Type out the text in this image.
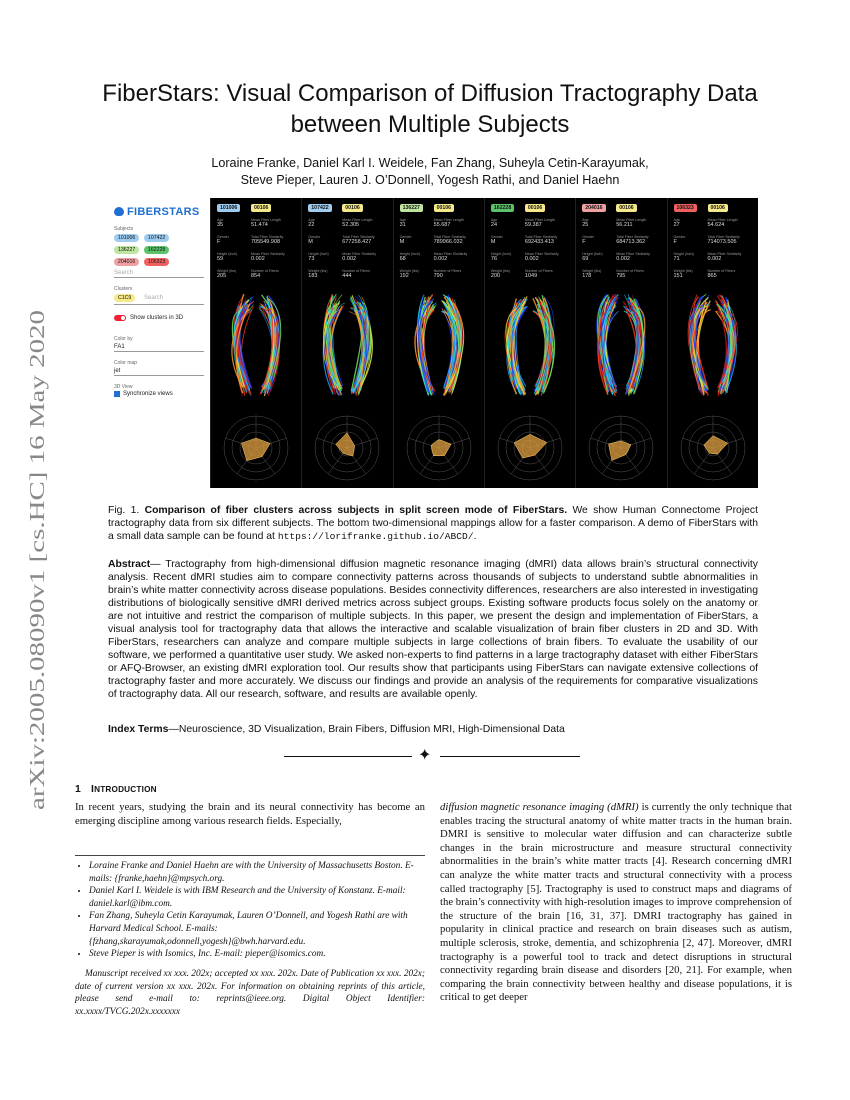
arXiv:2005.08090v1 [cs.HC] 16 May 2020
FiberStars: Visual Comparison of Diffusion Tractography Data between Multiple Subjects
Loraine Franke, Daniel Karl I. Weidele, Fan Zhang, Suheyla Cetin-Karayumak,
Steve Pieper, Lauren J. O’Donnell, Yogesh Rathi, and Daniel Haehn
FIBERSTARS
Subjects
101006	107422
136227	162228
204016	106323
Search
Clusters
C1C9	Search
Show clusters in 3D
Color by
FA1
Color map
jet
3D View
Synchronize views
101006	00106
Age
35
Mean Fiber Length
51.474
Gender
F
Total Fiber Similarity
705549.908
Height (inch)
59
Mean Fiber Similarity
0.002
Weight (lbs)
205
Number of Fibers
854
107422	00106
Age
22
Mean Fiber Length
52.305
Gender
M
Total Fiber Similarity
677258.427
Height (inch)
73
Mean Fiber Similarity
0.002
Weight (lbs)
183
Number of Fibers
444
136227	00106
Age
31
Mean Fiber Length
55.687
Gender
M
Total Fiber Similarity
789966.032
Height (inch)
68
Mean Fiber Similarity
0.002
Weight (lbs)
192
Number of Fibers
790
162228	00106
Age
24
Mean Fiber Length
59.387
Gender
M
Total Fiber Similarity
692433.413
Height (inch)
76
Mean Fiber Similarity
0.002
Weight (lbs)
200
Number of Fibers
1049
204016	00106
Age
25
Mean Fiber Length
56.211
Gender
F
Total Fiber Similarity
684713.362
Height (inch)
69
Mean Fiber Similarity
0.002
Weight (lbs)
178
Number of Fibers
795
106323	00106
Age
27
Mean Fiber Length
54.624
Gender
F
Total Fiber Similarity
714073.505
Height (inch)
71
Mean Fiber Similarity
0.002
Weight (lbs)
151
Number of Fibers
865
Fig. 1. Comparison of fiber clusters across subjects in split screen mode of FiberStars. We show Human Connectome Project tractography data from six different subjects. The bottom two-dimensional mappings allow for a faster comparison. A demo of FiberStars with a small data sample can be found at https://lorifranke.github.io/ABCD/.
Abstract— Tractography from high-dimensional diffusion magnetic resonance imaging (dMRI) data allows brain’s structural connectivity analysis. Recent dMRI studies aim to compare connectivity patterns across thousands of subjects to understand subtle abnormalities in brain’s white matter connectivity across disease populations. Besides connectivity differences, researchers are also interested in investigating distributions of biologically sensitive dMRI derived metrics across subject groups. Existing software products focus solely on the anatomy or are not intuitive and restrict the comparison of multiple subjects. In this paper, we present the design and implementation of FiberStars, a visual analysis tool for tractography data that allows the interactive and scalable visualization of brain fiber clusters in 2D and 3D. With FiberStars, researchers can analyze and compare multiple subjects in large collections of brain fibers. To evaluate the usability of our software, we performed a quantitative user study. We asked non-experts to find patterns in a large tractography dataset with either FiberStars or AFQ-Browser, an existing dMRI exploration tool. Our results show that participants using FiberStars can navigate extensive collections of tractography faster and more accurately. We discuss our findings and provide an analysis of the requirements for comparative visualizations of tractography data. All our research, software, and results are available openly.
Index Terms—Neuroscience, 3D Visualization, Brain Fibers, Diffusion MRI, High-Dimensional Data
✦
1 INTRODUCTION

In recent years, studying the brain and its neural connectivity has become an emerging discipline among various research fields. Especially,

• Loraine Franke and Daniel Haehn are with the University of Massachusetts Boston. E-mails: {franke,haehn}@mpsych.org.
• Daniel Karl I. Weidele is with IBM Research and the University of Konstanz. E-mail: daniel.karl@ibm.com.
• Fan Zhang, Suheyla Cetin Karayumak, Lauren O’Donnell, and Yogesh Rathi are with Harvard Medical School. E-mails: {fzhang,skarayumak,odonnell,yogesh}@bwh.harvard.edu.
• Steve Pieper is with Isomics, Inc. E-mail: pieper@isomics.com.
Manuscript received xx xxx. 202x; accepted xx xxx. 202x. Date of Publication xx xxx. 202x; date of current version xx xxx. 202x. For information on obtaining reprints of this article, please send e-mail to: reprints@ieee.org. Digital Object Identifier: xx.xxxx/TVCG.202x.xxxxxxx

diffusion magnetic resonance imaging (dMRI) is currently the only technique that enables tracing the structural anatomy of white matter tracts in the human brain. DMRI is sensitive to molecular water diffusion and can characterize subtle changes in the brain microstructure and measure structural connectivity abnormalities in the brain’s white matter tracts [4]. Research concerning dMRI can analyze the white matter tracts and structural connectivity with a process called tractography [5]. Tractography is used to construct maps and diagrams of the brain’s connectivity with high-resolution images to improve comprehension of the structure of the brain [16, 31, 37]. DMRI tractography has gained in popularity in clinical practice and research on brain diseases such as autism, multiple sclerosis, stroke, dementia, and schizophrenia [2, 47]. Moreover, dMRI tractography is a powerful tool to track and detect disruptions in structural connectivity regarding brain disease and disorders [20, 21]. For example, when comparing the brain connectivity between healthy and disease populations, it is critical to get deeper
